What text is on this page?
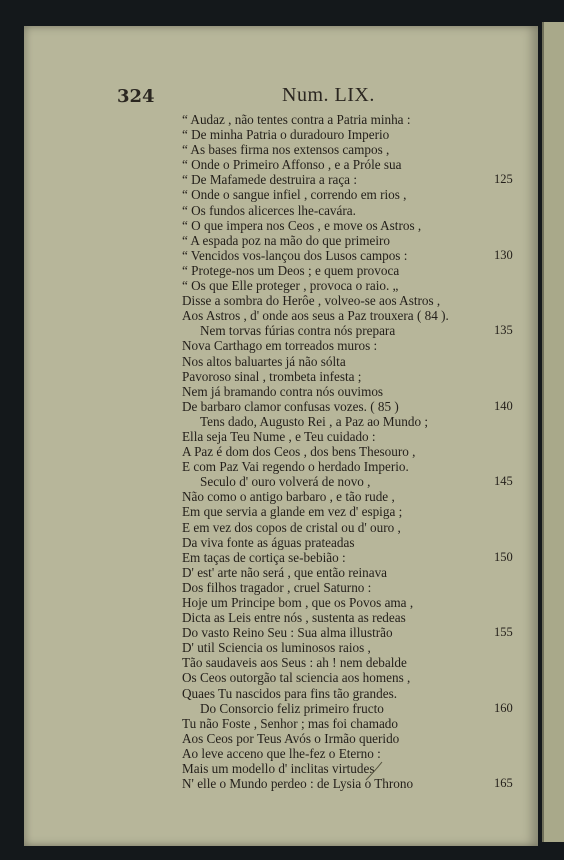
324	Num. LIX.
“ Audaz , não tentes contra a Patria minha :
“ De minha Patria o duradouro Imperio
“ As bases firma nos extensos campos ,
“ Onde o Primeiro Affonso , e a Próle sua
“ De Mafamede destruira a raça :	125
“ Onde o sangue infiel , correndo em rios ,
“ Os fundos alicerces lhe-cavára.
“ O que impera nos Ceos , e move os Astros ,
“ A espada poz na mão do que primeiro
“ Vencidos vos-lançou dos Lusos campos :	130
“ Protege-nos um Deos ; e quem provoca
“ Os que Elle proteger , provoca o raio. „
Disse a sombra do Herôe , volveo-se aos Astros ,
Aos Astros , d' onde aos seus a Paz trouxera ( 84 ).
Nem torvas fúrias contra nós prepara	135
Nova Carthago em torreados muros :
Nos altos baluartes já não sólta
Pavoroso sinal , trombeta infesta ;
Nem já bramando contra nós ouvimos
De barbaro clamor confusas vozes. ( 85 )	140
Tens dado, Augusto Rei , a Paz ao Mundo ;
Ella seja Teu Nume , e Teu cuidado :
A Paz é dom dos Ceos , dos bens Thesouro ,
E com Paz Vai regendo o herdado Imperio.
Seculo d' ouro volverá de novo ,	145
Não como o antigo barbaro , e tão rude ,
Em que servia a glande em vez d' espiga ;
E em vez dos copos de cristal ou d' ouro ,
Da viva fonte as águas prateadas
Em taças de cortiça se-bebião :	150
D' est' arte não será , que então reinava
Dos filhos tragador , cruel Saturno :
Hoje um Principe bom , que os Povos ama ,
Dicta as Leis entre nós , sustenta as redeas
Do vasto Reino Seu : Sua alma illustrão	155
D' util Sciencia os luminosos raios ,
Tão saudaveis aos Seus : ah ! nem debalde
Os Ceos outorgão tal sciencia aos homens ,
Quaes Tu nascidos para fins tão grandes.
Do Consorcio feliz primeiro fructo	160
Tu não Foste , Senhor ; mas foi chamado
Aos Ceos por Teus Avós o Irmão querido
Ao leve acceno que lhe-fez o Eterno :
Mais um modello d' inclitas virtudes
N' elle o Mundo perdeo : de Lysia o Throno	165
